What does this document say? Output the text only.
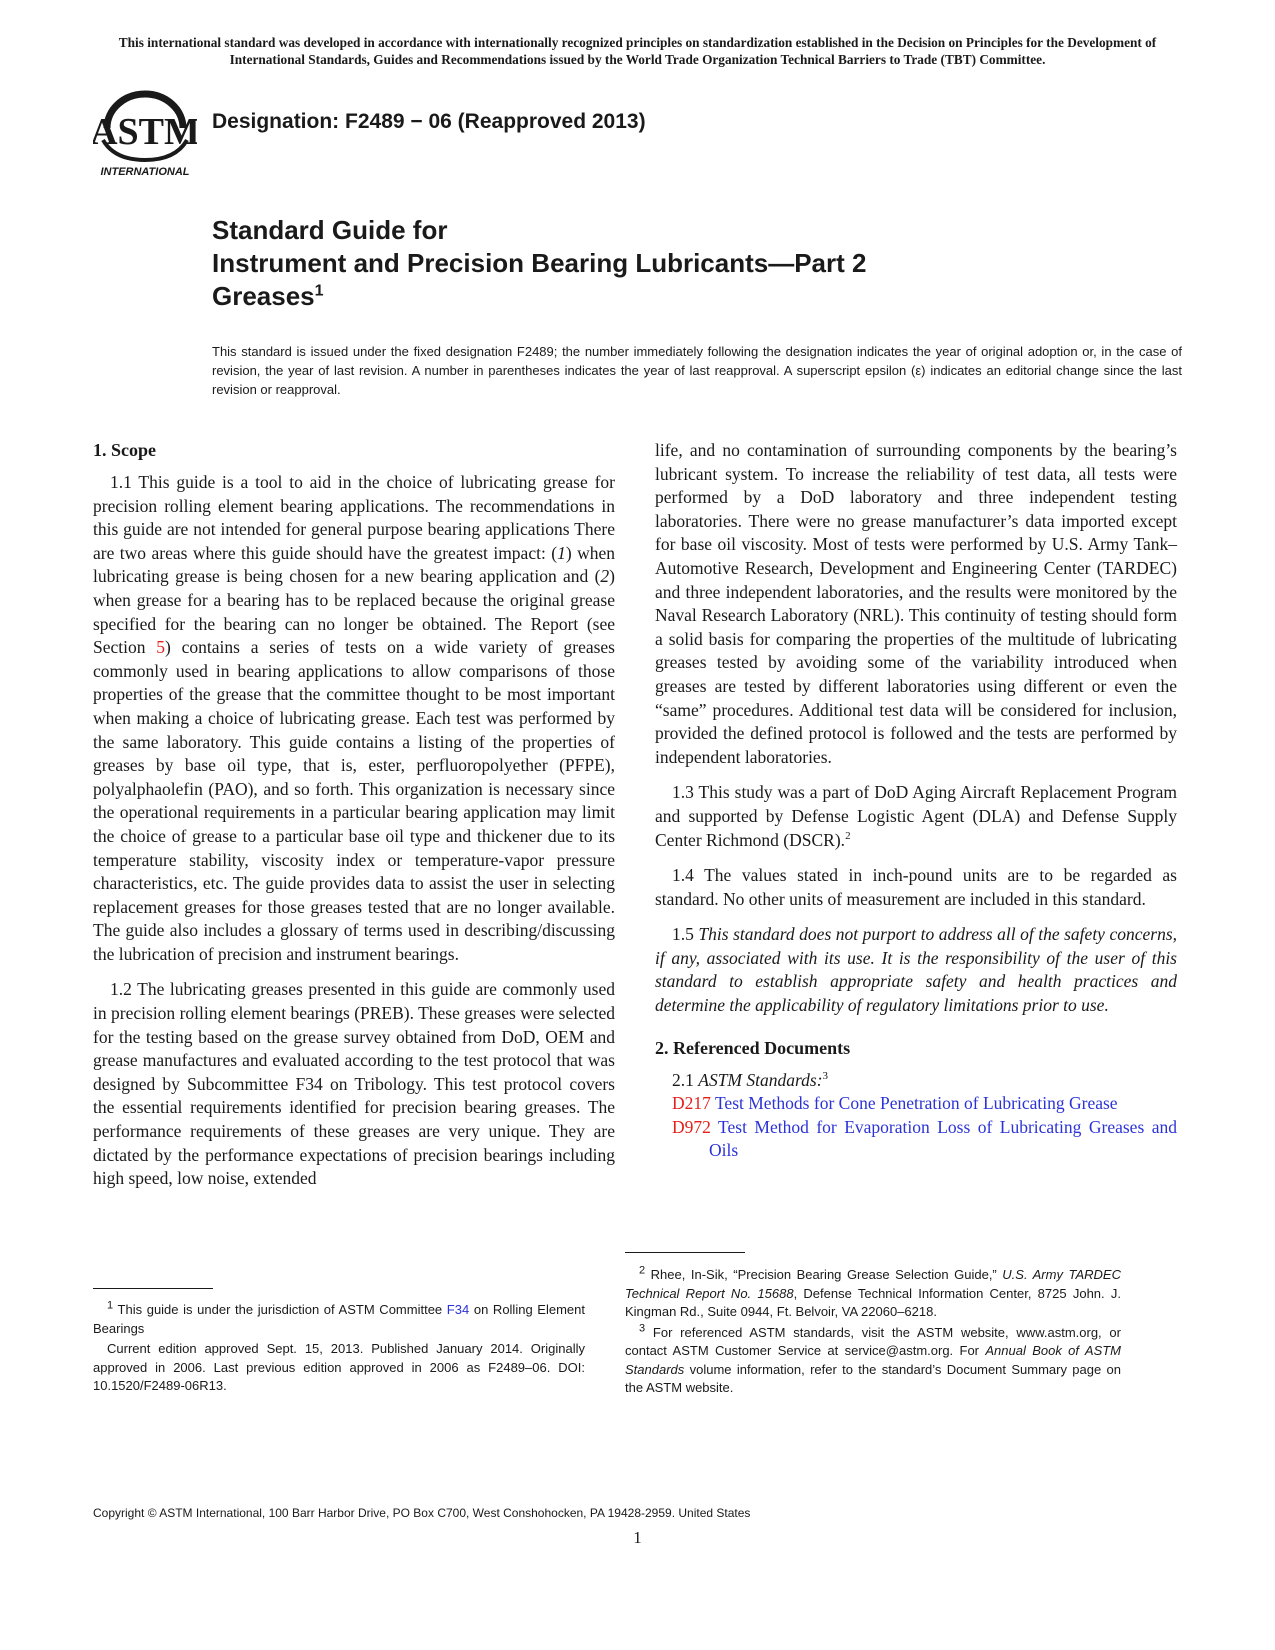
This international standard was developed in accordance with internationally recognized principles on standardization established in the Decision on Principles for the Development of International Standards, Guides and Recommendations issued by the World Trade Organization Technical Barriers to Trade (TBT) Committee.
ASTM
INTERNATIONAL
Designation: F2489 − 06 (Reapproved 2013)
Standard Guide for
Instrument and Precision Bearing Lubricants—Part 2
Greases$^1$
This standard is issued under the fixed designation F2489; the number immediately following the designation indicates the year of original adoption or, in the case of revision, the year of last revision. A number in parentheses indicates the year of last reapproval. A superscript epsilon (ε) indicates an editorial change since the last revision or reapproval.
1. Scope

1.1 This guide is a tool to aid in the choice of lubricating grease for precision rolling element bearing applications. The recommendations in this guide are not intended for general purpose bearing applications There are two areas where this guide should have the greatest impact: (1) when lubricating grease is being chosen for a new bearing application and (2) when grease for a bearing has to be replaced because the original grease specified for the bearing can no longer be obtained. The Report (see Section 5) contains a series of tests on a wide variety of greases commonly used in bearing applications to allow comparisons of those properties of the grease that the committee thought to be most important when making a choice of lubricating grease. Each test was performed by the same laboratory. This guide contains a listing of the properties of greases by base oil type, that is, ester, perfluoropolyether (PFPE), polyalphaolefin (PAO), and so forth. This organization is necessary since the operational requirements in a particular bearing application may limit the choice of grease to a particular base oil type and thickener due to its temperature stability, viscosity index or temperature-vapor pressure characteristics, etc. The guide provides data to assist the user in selecting replacement greases for those greases tested that are no longer available. The guide also includes a glossary of terms used in describing/discussing the lubrication of precision and instrument bearings.

1.2 The lubricating greases presented in this guide are commonly used in precision rolling element bearings (PREB). These greases were selected for the testing based on the grease survey obtained from DoD, OEM and grease manufactures and evaluated according to the test protocol that was designed by Subcommittee F34 on Tribology. This test protocol covers the essential requirements identified for precision bearing greases. The performance requirements of these greases are very unique. They are dictated by the performance expectations of precision bearings including high speed, low noise, extended

life, and no contamination of surrounding components by the bearing’s lubricant system. To increase the reliability of test data, all tests were performed by a DoD laboratory and three independent testing laboratories. There were no grease manufacturer’s data imported except for base oil viscosity. Most of tests were performed by U.S. Army Tank–Automotive Research, Development and Engineering Center (TARDEC) and three independent laboratories, and the results were monitored by the Naval Research Laboratory (NRL). This continuity of testing should form a solid basis for comparing the properties of the multitude of lubricating greases tested by avoiding some of the variability introduced when greases are tested by different laboratories using different or even the “same” procedures. Additional test data will be considered for inclusion, provided the defined protocol is followed and the tests are performed by independent laboratories.

1.3 This study was a part of DoD Aging Aircraft Replacement Program and supported by Defense Logistic Agent (DLA) and Defense Supply Center Richmond (DSCR).$^2$

1.4 The values stated in inch-pound units are to be regarded as standard. No other units of measurement are included in this standard.

1.5 This standard does not purport to address all of the safety concerns, if any, associated with its use. It is the responsibility of the user of this standard to establish appropriate safety and health practices and determine the applicability of regulatory limitations prior to use.

2. Referenced Documents

2.1 ASTM Standards:$^3$

D217 Test Methods for Cone Penetration of Lubricating Grease
D972 Test Method for Evaporation Loss of Lubricating Greases and Oils

$^1$ This guide is under the jurisdiction of ASTM Committee F34 on Rolling Element Bearings

Current edition approved Sept. 15, 2013. Published January 2014. Originally approved in 2006. Last previous edition approved in 2006 as F2489–06. DOI: 10.1520/F2489-06R13.

$^2$ Rhee, In-Sik, “Precision Bearing Grease Selection Guide,” U.S. Army TARDEC Technical Report No. 15688, Defense Technical Information Center, 8725 John. J. Kingman Rd., Suite 0944, Ft. Belvoir, VA 22060–6218.

$^3$ For referenced ASTM standards, visit the ASTM website, www.astm.org, or contact ASTM Customer Service at service@astm.org. For Annual Book of ASTM Standards volume information, refer to the standard’s Document Summary page on the ASTM website.

Copyright © ASTM International, 100 Barr Harbor Drive, PO Box C700, West Conshohocken, PA 19428-2959. United States
1
